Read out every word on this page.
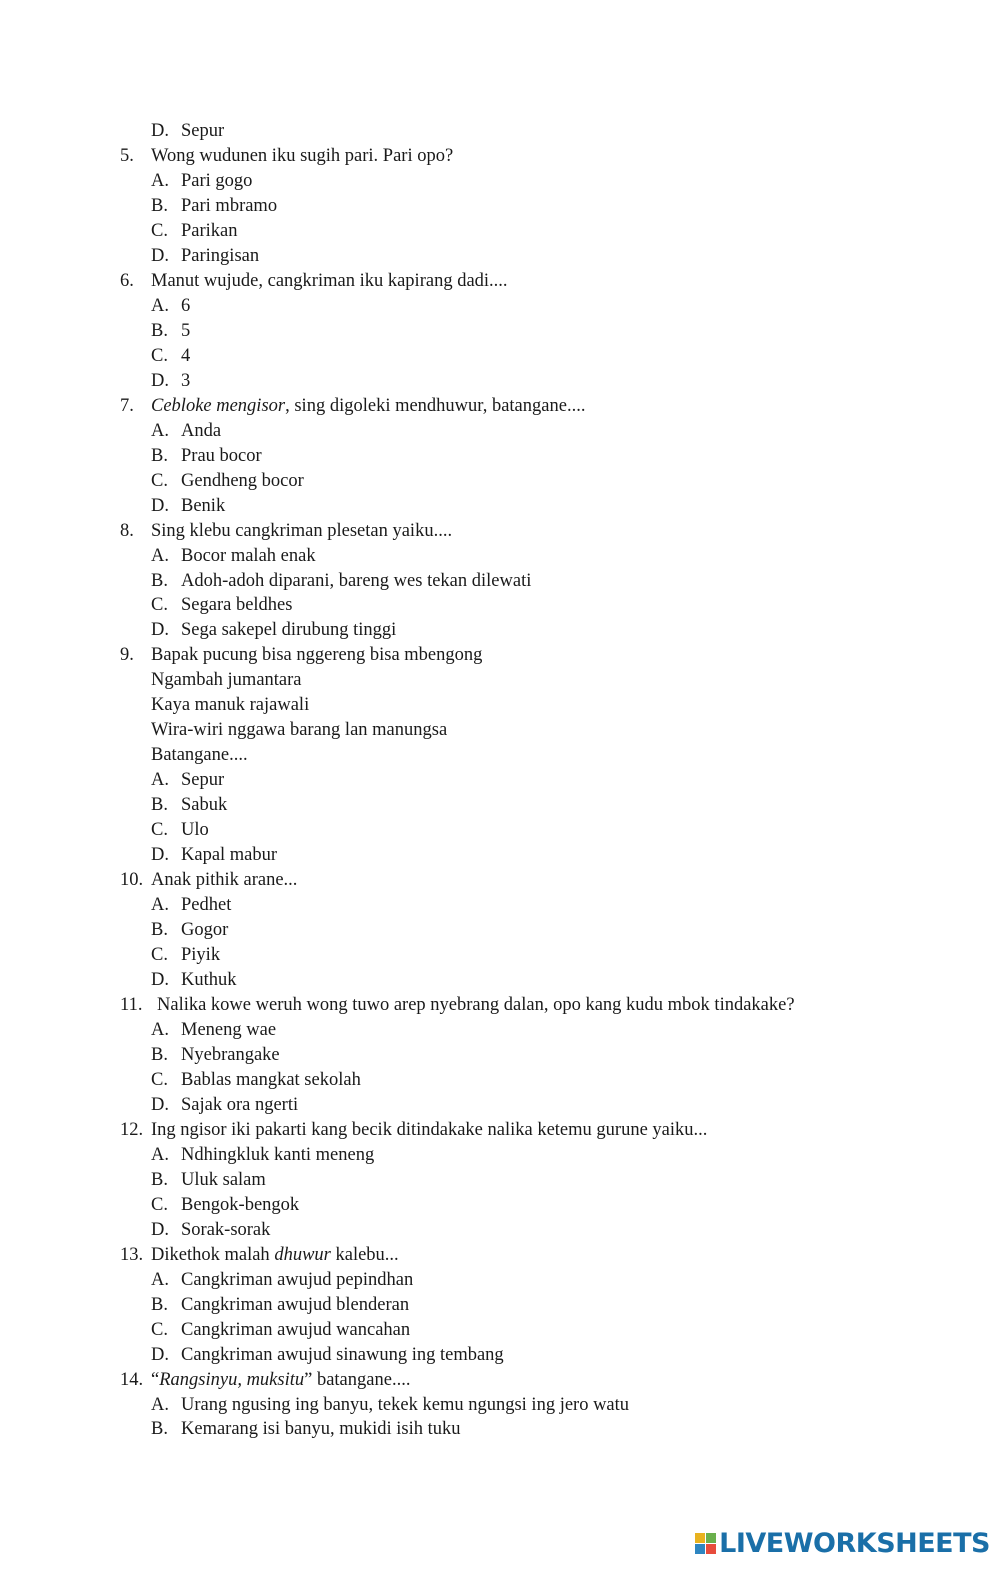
D. Sepur
5. Wong wudunen iku sugih pari. Pari opo?
A. Pari gogo
B. Pari mbramo
C. Parikan
D. Paringisan
6. Manut wujude, cangkriman iku kapirang dadi....
A. 6
B. 5
C. 4
D. 3
7. Cebloke mengisor, sing digoleki mendhuwur, batangane....
A. Anda
B. Prau bocor
C. Gendheng bocor
D. Benik
8. Sing klebu cangkriman plesetan yaiku....
A. Bocor malah enak
B. Adoh-adoh diparani, bareng wes tekan dilewati
C. Segara beldhes
D. Sega sakepel dirubung tinggi
9. Bapak pucung bisa nggereng bisa mbengong
Ngambah jumantara
Kaya manuk rajawali
Wira-wiri nggawa barang lan manungsa
Batangane....
A. Sepur
B. Sabuk
C. Ulo
D. Kapal mabur
10. Anak pithik arane...
A. Pedhet
B. Gogor
C. Piyik
D. Kuthuk
11. Nalika kowe weruh wong tuwo arep nyebrang dalan, opo kang kudu mbok tindakake?
A. Meneng wae
B. Nyebrangake
C. Bablas mangkat sekolah
D. Sajak ora ngerti
12. Ing ngisor iki pakarti kang becik ditindakake nalika ketemu gurune yaiku...
A. Ndhingkluk kanti meneng
B. Uluk salam
C. Bengok-bengok
D. Sorak-sorak
13. Dikethok malah dhuwur kalebu...
A. Cangkriman awujud pepindhan
B. Cangkriman awujud blenderan
C. Cangkriman awujud wancahan
D. Cangkriman awujud sinawung ing tembang
14. “Rangsinyu, muksitu” batangane....
A. Urang ngusing ing banyu, tekek kemu ngungsi ing jero watu
B. Kemarang isi banyu, mukidi isih tuku
LIVEWORKSHEETS
